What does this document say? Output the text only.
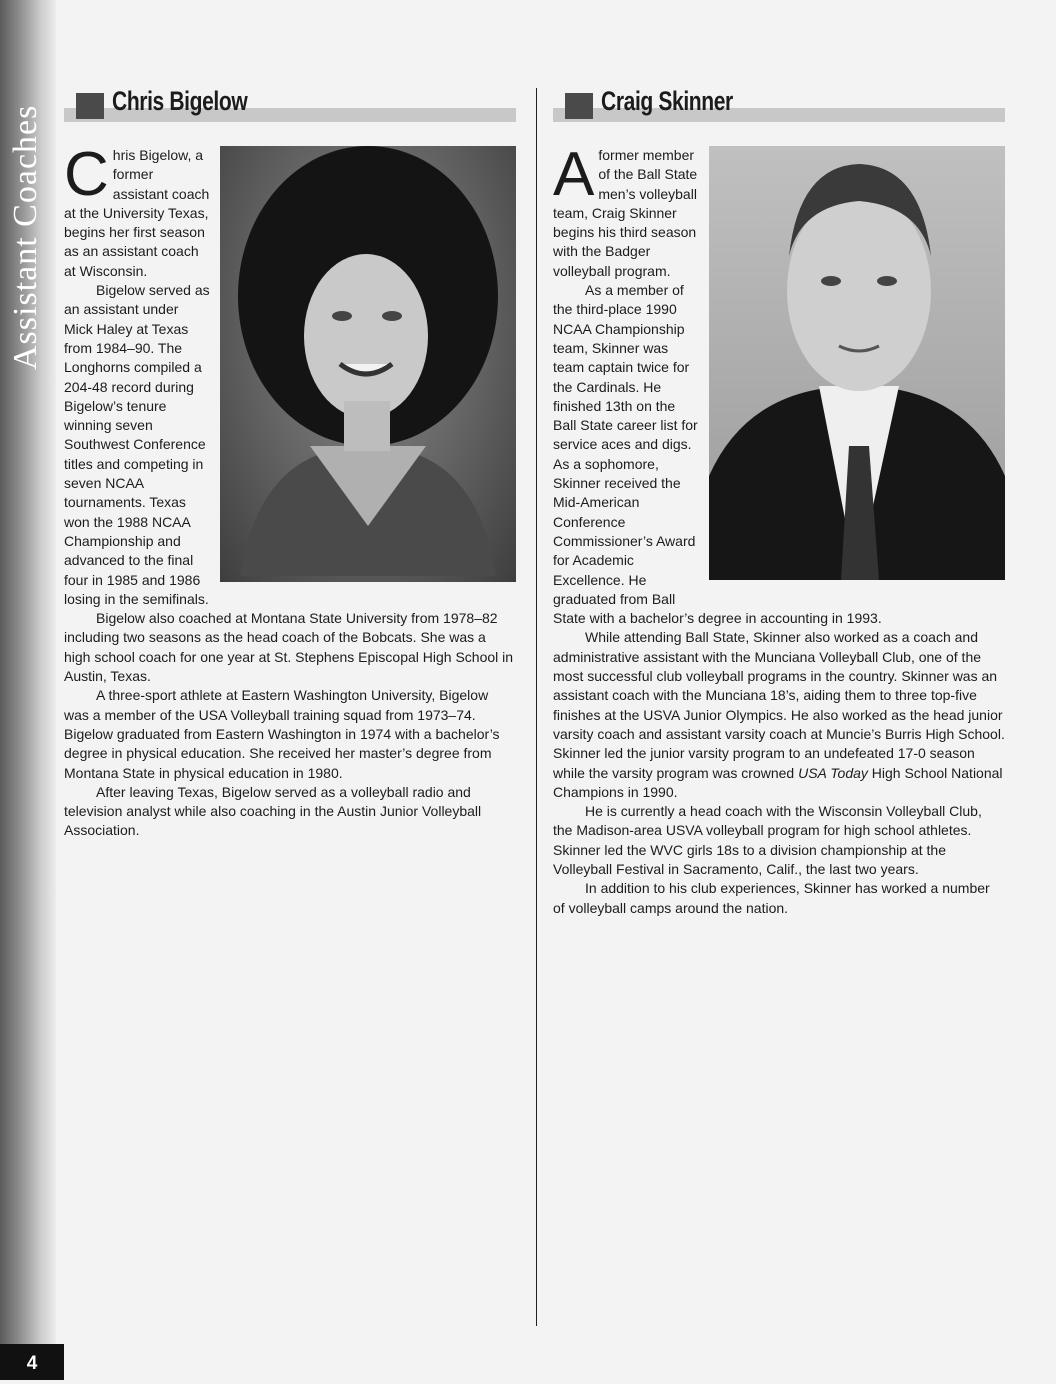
Assistant Coaches
4
Chris Bigelow

Chris Bigelow, a former assistant coach at the University Texas, begins her first season as an assistant coach at Wisconsin.

Bigelow served as an assistant under Mick Haley at Texas from 1984–90. The Longhorns compiled a 204-48 record during Bigelow’s tenure winning seven Southwest Conference titles and competing in seven NCAA tournaments. Texas won the 1988 NCAA Championship and advanced to the final four in 1985 and 1986 losing in the semifinals.

Bigelow also coached at Montana State University from 1978–82 including two seasons as the head coach of the Bobcats. She was a high school coach for one year at St. Stephens Episcopal High School in Austin, Texas.

A three-sport athlete at Eastern Washington University, Bigelow was a member of the USA Volleyball training squad from 1973–74. Bigelow graduated from Eastern Washington in 1974 with a bachelor’s degree in physical education. She received her master’s degree from Montana State in physical education in 1980.

After leaving Texas, Bigelow served as a volleyball radio and television analyst while also coaching in the Austin Junior Volleyball Association.

Craig Skinner

A former member of the Ball State men’s volleyball team, Craig Skinner begins his third season with the Badger volleyball program.

As a member of the third-place 1990 NCAA Championship team, Skinner was team captain twice for the Cardinals. He finished 13th on the Ball State career list for service aces and digs. As a sophomore, Skinner received the Mid-American Conference Commissioner’s Award for Academic Excellence. He graduated from Ball State with a bachelor’s degree in accounting in 1993.

While attending Ball State, Skinner also worked as a coach and administrative assistant with the Munciana Volleyball Club, one of the most successful club volleyball programs in the country. Skinner was an assistant coach with the Munciana 18’s, aiding them to three top-five finishes at the USVA Junior Olympics. He also worked as the head junior varsity coach and assistant varsity coach at Muncie’s Burris High School. Skinner led the junior varsity program to an undefeated 17-0 season while the varsity program was crowned USA Today High School National Champions in 1990.

He is currently a head coach with the Wisconsin Volleyball Club, the Madison-area USVA volleyball program for high school athletes. Skinner led the WVC girls 18s to a division championship at the Volleyball Festival in Sacramento, Calif., the last two years.

In addition to his club experiences, Skinner has worked a number of volleyball camps around the nation.
